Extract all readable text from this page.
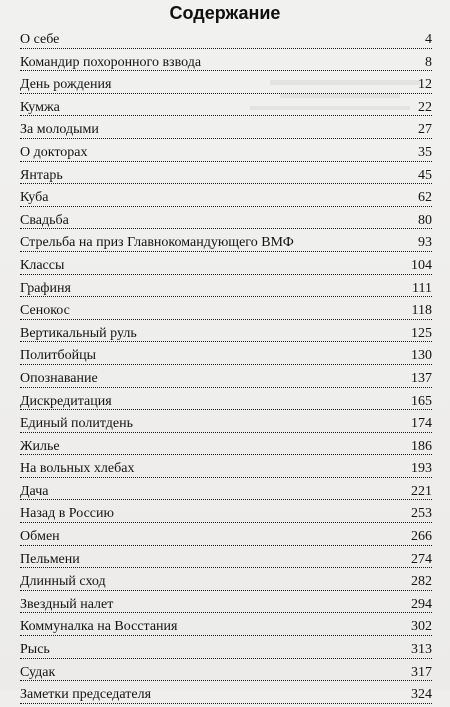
Содержание
О себе	4
Командир похоронного взвода	8
День рождения	12
Кумжа	22
За молодыми	27
О докторах	35
Янтарь	45
Куба	62
Свадьба	80
Стрельба на приз Главнокомандующего ВМФ	93
Классы	104
Графиня	111
Сенокос	118
Вертикальный руль	125
Политбойцы	130
Опознавание	137
Дискредитация	165
Единый политдень	174
Жилье	186
На вольных хлебах	193
Дача	221
Назад в Россию	253
Обмен	266
Пельмени	274
Длинный сход	282
Звездный налет	294
Коммуналка на Восстания	302
Рысь	313
Судак	317
Заметки председателя	324
